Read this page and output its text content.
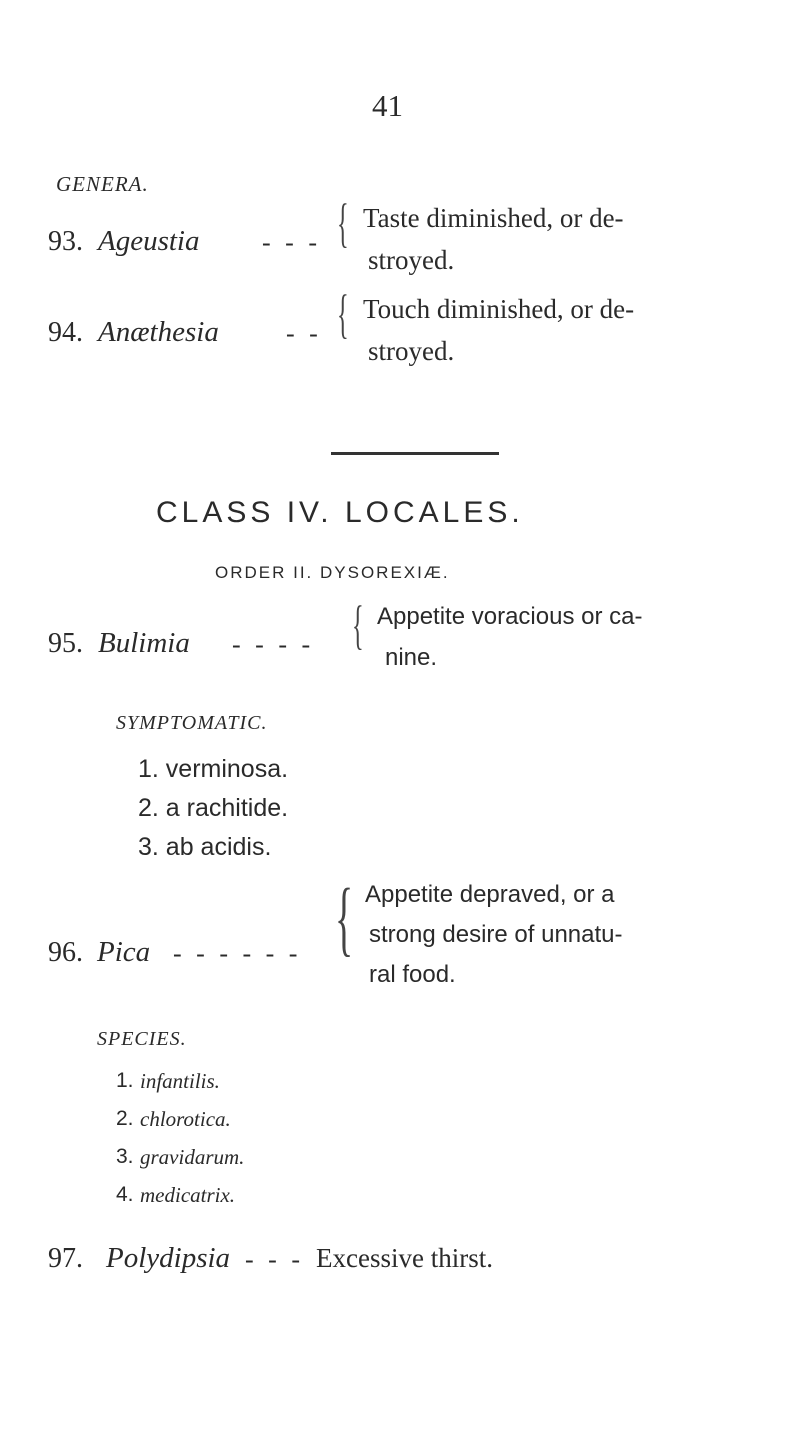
41
GENERA.
93. Ageustia - - - { Taste diminished, or de-
stroyed.
94. Anæthesia	- - { Touch diminished, or de-
stroyed.
CLASS IV. LOCALES.
ORDER II. DYSOREXIÆ.
95. Bulimia - - - - { Appetite voracious or ca-
nine.
SYMPTOMATIC.
1. verminosa.
2. a rachitide.
3. ab acidis.
96. Pica - - - - - - { Appetite depraved, or a
strong desire of unnatu-
ral food.
SPECIES.
1. infantilis.
2. chlorotica.
3. gravidarum.
4. medicatrix.
97. Polydipsia - - - Excessive thirst.
